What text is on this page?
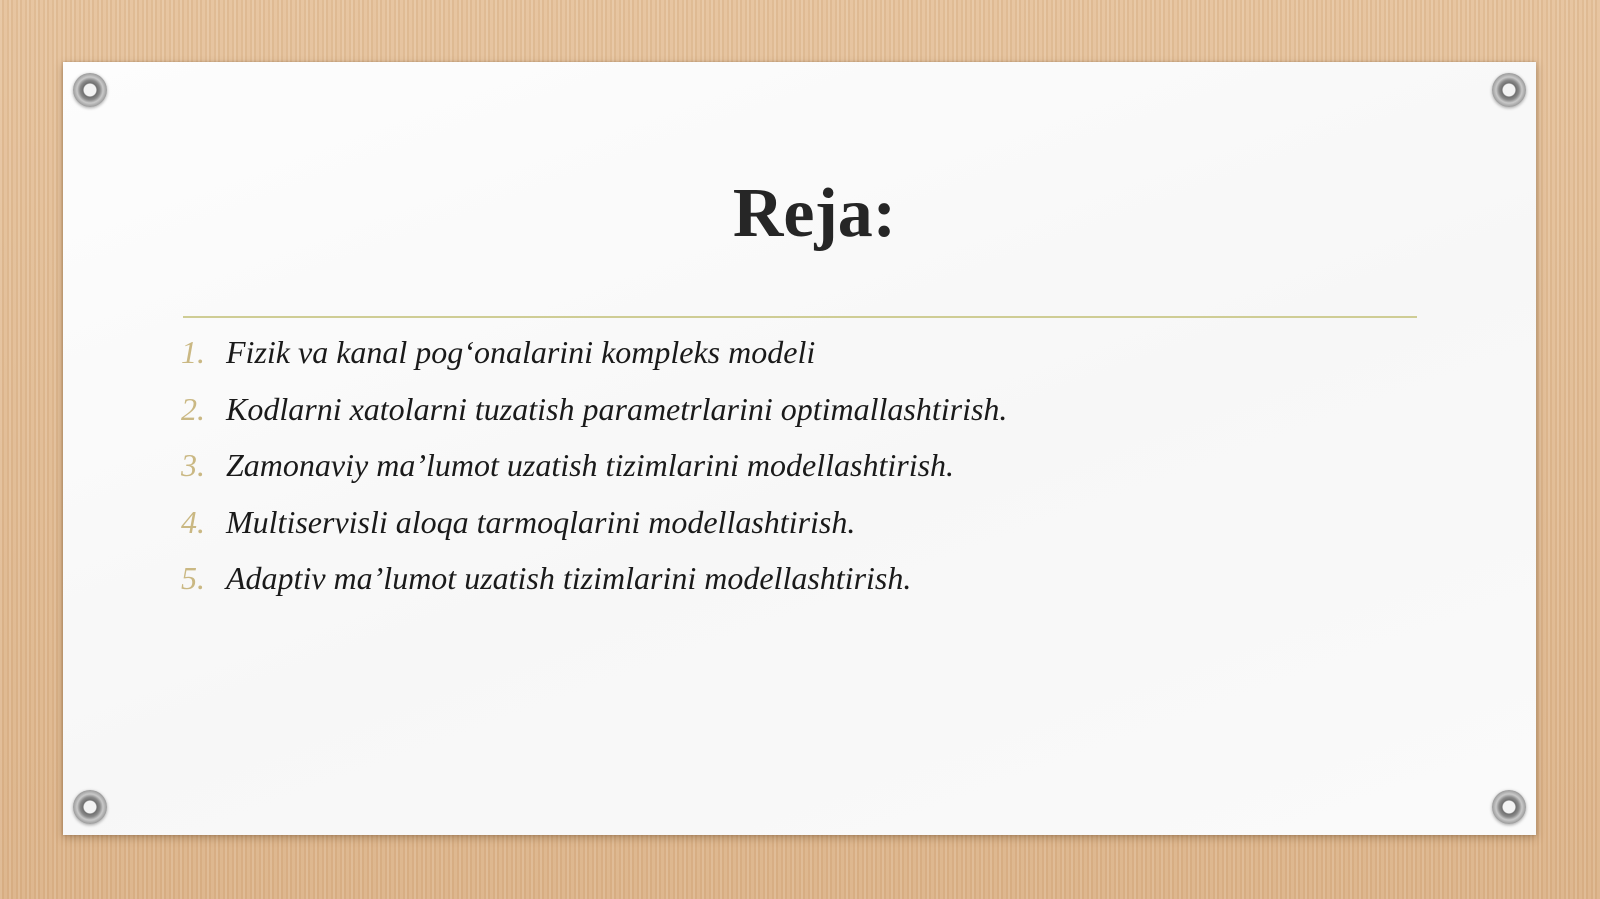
Reja:
1. Fizik va kanal pog‘onalarini kompleks modeli
2. Kodlarni xatolarni tuzatish parametrlarini optimallashtirish.
3. Zamonaviy ma’lumot uzatish tizimlarini modellashtirish.
4. Multiservisli aloqa tarmoqlarini modellashtirish.
5. Adaptiv ma’lumot uzatish tizimlarini modellashtirish.
